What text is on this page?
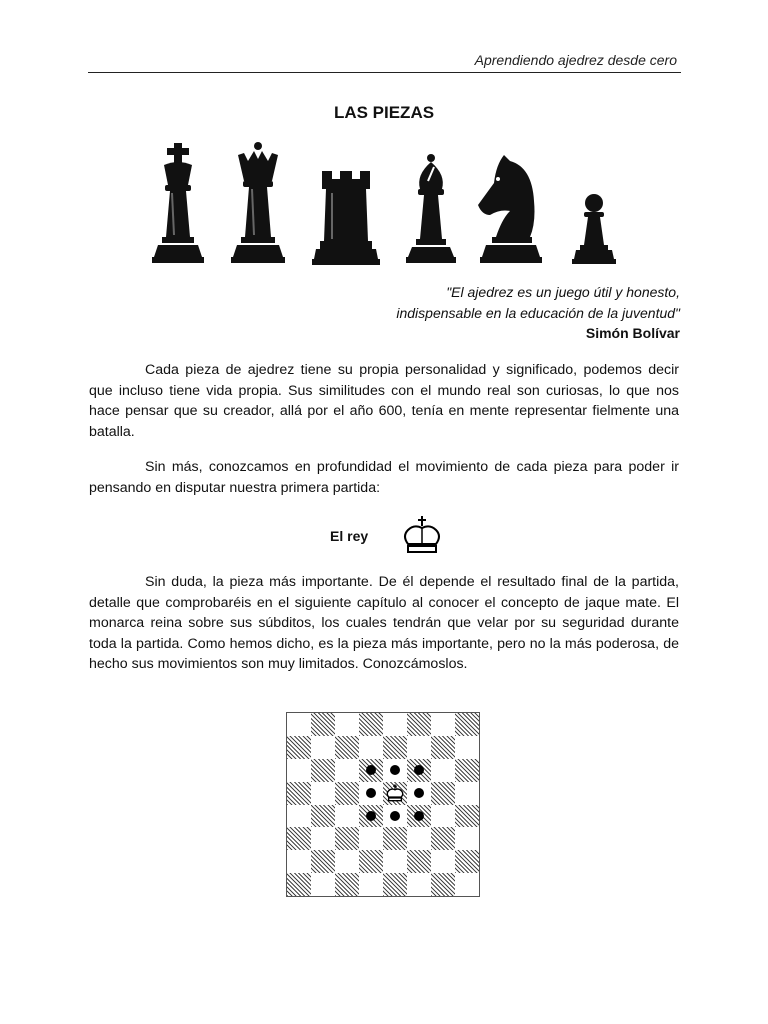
Aprendiendo ajedrez desde cero
LAS PIEZAS
"El ajedrez es un juego útil y honesto,
indispensable en la educación de la juventud"
Simón Bolívar

Cada pieza de ajedrez tiene su propia personalidad y significado, podemos decir que incluso tiene vida propia. Sus similitudes con el mundo real son curiosas, lo que nos hace pensar que su creador, allá por el año 600, tenía en mente representar fielmente una batalla.

Sin más, conozcamos en profundidad el movimiento de cada pieza para poder ir pensando en disputar nuestra primera partida:

El rey

Sin duda, la pieza más importante. De él depende el resultado final de la partida, detalle que comprobaréis en el siguiente capítulo al conocer el concepto de jaque mate. El monarca reina sobre sus súbditos, los cuales tendrán que velar por su seguridad durante toda la partida. Como hemos dicho, es la pieza más importante, pero no la más poderosa, de hecho sus movimientos son muy limitados. Conozcámoslos.
